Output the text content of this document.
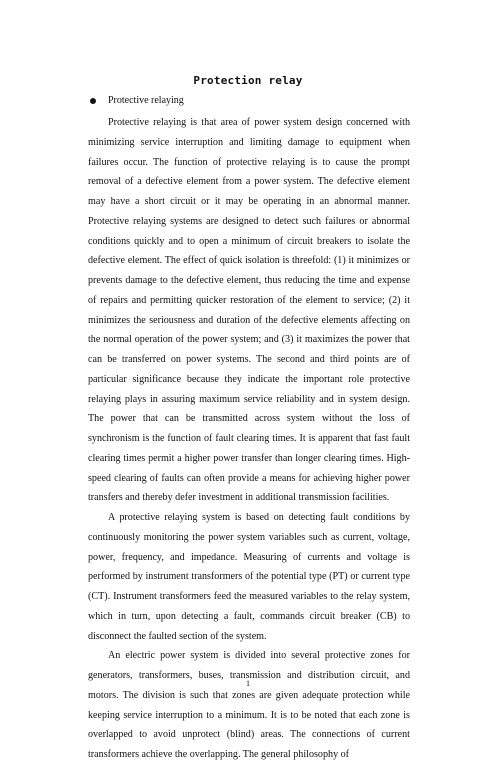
Protection relay
Protective relaying

Protective relaying is that area of power system design concerned with minimizing service interruption and limiting damage to equipment when failures occur. The function of protective relaying is to cause the prompt removal of a defective element from a power system. The defective element may have a short circuit or it may be operating in an abnormal manner. Protective relaying systems are designed to detect such failures or abnormal conditions quickly and to open a minimum of circuit breakers to isolate the defective element. The effect of quick isolation is threefold: (1) it minimizes or prevents damage to the defective element, thus reducing the time and expense of repairs and permitting quicker restoration of the element to service; (2) it minimizes the seriousness and duration of the defective elements affecting on the normal operation of the power system; and (3) it maximizes the power that can be transferred on power systems. The second and third points are of particular significance because they indicate the important role protective relaying plays in assuring maximum service reliability and in system design. The power that can be transmitted across system without the loss of synchronism is the function of fault clearing times. It is apparent that fast fault clearing times permit a higher power transfer than longer clearing times. High-speed clearing of faults can often provide a means for achieving higher power transfers and thereby defer investment in additional transmission facilities.

A protective relaying system is based on detecting fault conditions by continuously monitoring the power system variables such as current, voltage, power, frequency, and impedance. Measuring of currents and voltage is performed by instrument transformers of the potential type (PT) or current type (CT). Instrument transformers feed the measured variables to the relay system, which in turn, upon detecting a fault, commands circuit breaker (CB) to disconnect the faulted section of the system.

An electric power system is divided into several protective zones for generators, transformers, buses, transmission and distribution circuit, and motors. The division is such that zones are given adequate protection while keeping service interruption to a minimum. It is to be noted that each zone is overlapped to avoid unprotect (blind) areas. The connections of current transformers achieve the overlapping. The general philosophy of

1
